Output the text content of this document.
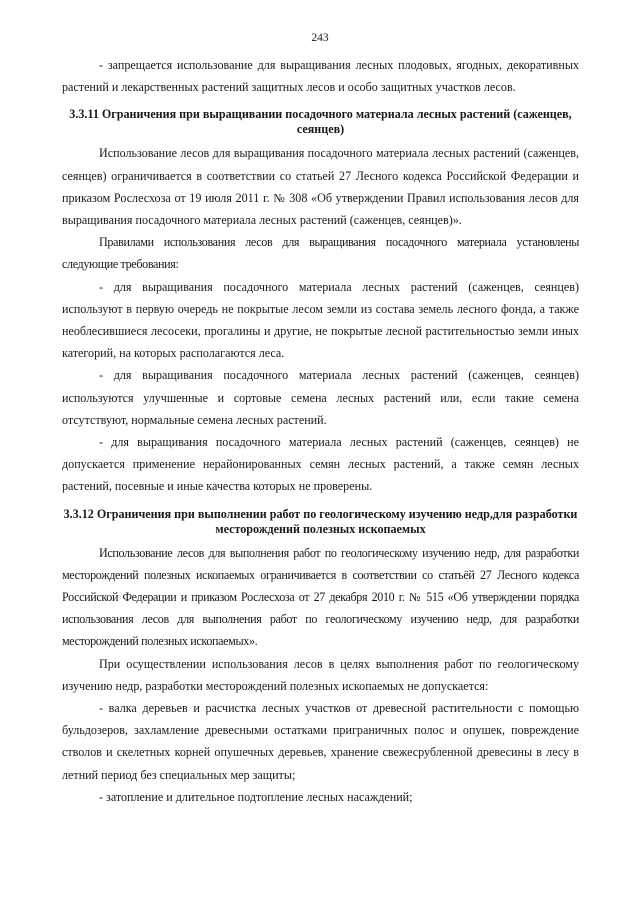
243

- запрещается использование для выращивания лесных плодовых, ягодных, декоративных растений и лекарственных растений защитных лесов и особо защитных участков лесов.

3.3.11 Ограничения при выращивании посадочного материала лесных растений (саженцев, сеянцев)

Использование лесов для выращивания посадочного материала лесных растений (саженцев, сеянцев) ограничивается в соответствии со статьей 27 Лесного кодекса Российской Федерации и приказом Рослесхоза от 19 июля 2011 г. № 308 «Об утверждении Правил использования лесов для выращивания посадочного материала лесных растений (саженцев, сеянцев)».

Правилами использования лесов для выращивания посадочного материала установлены следующие требования:

- для выращивания посадочного материала лесных растений (саженцев, сеянцев) используют в первую очередь не покрытые лесом земли из состава земель лесного фонда, а также необлесившиеся лесосеки, прогалины и другие, не покрытые лесной растительностью земли иных категорий, на которых располагаются леса.

- для выращивания посадочного материала лесных растений (саженцев, сеянцев) используются улучшенные и сортовые семена лесных растений или, если такие семена отсутствуют, нормальные семена лесных растений.

- для выращивания посадочного материала лесных растений (саженцев, сеянцев) не допускается применение нерайонированных семян лесных растений, а также семян лесных растений, посевные и иные качества которых не проверены.

3.3.12 Ограничения при выполнении работ по геологическому изучению недр,для разработки месторождений полезных ископаемых

Использование лесов для выполнения работ по геологическому изучению недр, для разработки месторождений полезных ископаемых ограничивается в соответствии со статьёй 27 Лесного кодекса Российской Федерации и приказом Рослесхоза от 27 декабря 2010 г. № 515 «Об утверждении порядка использования лесов для выполнения работ по геологическому изучению недр, для разработки месторождений полезных ископаемых».

При осуществлении использования лесов в целях выполнения работ по геологическому изучению недр, разработки месторождений полезных ископаемых не допускается:

- валка деревьев и расчистка лесных участков от древесной растительности с помощью бульдозеров, захламление древесными остатками приграничных полос и опушек, повреждение стволов и скелетных корней опушечных деревьев, хранение свежесрубленной древесины в лесу в летний период без специальных мер защиты;

- затопление и длительное подтопление лесных насаждений;
